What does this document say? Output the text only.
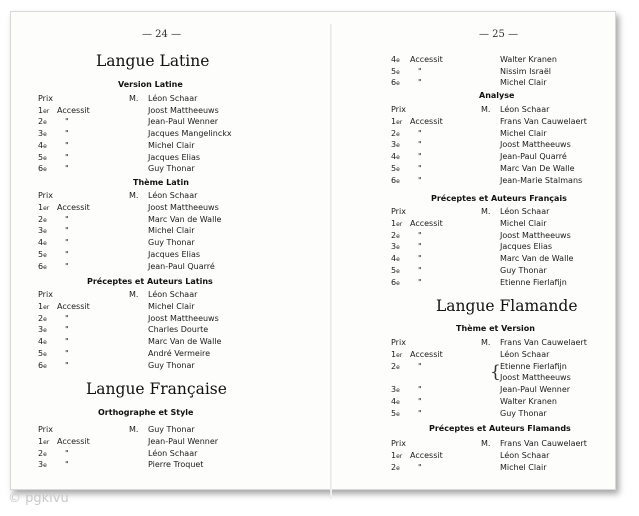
— 24 —
Langue Latine
Version Latine
Prix	M. Léon Schaar
1er Accessit	Joost Mattheeuws
2e "	Jean-Paul Wenner
3e "	Jacques Mangelinckx
4e "	Michel Clair
5e "	Jacques Elias
6e "	Guy Thonar
Thème Latin
Prix	M. Léon Schaar
1er Accessit	Joost Mattheeuws
2e "	Marc Van de Walle
3e "	Michel Clair
4e "	Guy Thonar
5e "	Jacques Elias
6e "	Jean-Paul Quarré
Préceptes et Auteurs Latins
Prix	M. Léon Schaar
1er Accessit	Michel Clair
2e "	Joost Mattheeuws
3e "	Charles Dourte
4e "	Marc Van de Walle
5e "	André Vermeire
6e "	Guy Thonar
Langue Française
Orthographe et Style
Prix	M. Guy Thonar
1er Accessit	Jean-Paul Wenner
2e "	Léon Schaar
3e "	Pierre Troquet
— 25 —
4e Accessit	Walter Kranen
5e "	Nissim Israël
6e "	Michel Clair
Analyse
Prix	M. Léon Schaar
1er Accessit	Frans Van Cauwelaert
2e "	Michel Clair
3e "	Joost Mattheeuws
4e "	Jean-Paul Quarré
5e "	Marc Van De Walle
6e "	Jean-Marie Stalmans
Préceptes et Auteurs Français
Prix	M. Léon Schaar
1er Accessit	Michel Clair
2e "	Joost Mattheeuws
3e "	Jacques Elias
4e "	Marc Van de Walle
5e "	Guy Thonar
6e "	Etienne Fierlafijn
Langue Flamande
Thème et Version
Prix	M. Frans Van Cauwelaert
1er Accessit	Léon Schaar
2e "	Etienne Fierlafijn
Joost Mattheeuws
3e "	Jean-Paul Wenner
4e "	Walter Kranen
5e "	Guy Thonar
{
Préceptes et Auteurs Flamands
Prix	M. Frans Van Cauwelaert
1er Accessit	Léon Schaar
2e "	Michel Clair
© pgkivu
